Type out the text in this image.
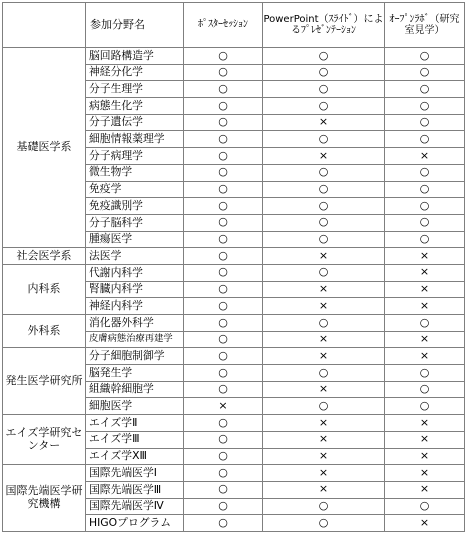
	参加分野名	ﾎﾟｽﾀｰｾｯｼｮﾝ	PowerPoint（ｽﾗｲﾄﾞ）によるﾌﾟﾚｾﾞﾝﾃｰｼｮﾝ	ｵｰﾌﾟﾝﾗﾎﾞ（研究室見学）
基礎医学系	脳回路構造学	○	○	○
	神経分化学	○	○	○
	分子生理学	○	○	○
	病態生化学	○	○	○
	分子遺伝学	○	×	○
	細胞情報薬理学	○	○	○
	分子病理学	○	×	×
	微生物学	○	○	○
	免疫学	○	○	○
	免疫識別学	○	○	○
	分子脳科学	○	○	○
	腫瘍医学	○	○	○
社会医学系	法医学	○	×	×
内科系	代謝内科学	○	○	×
	腎臓内科学	○	×	×
	神経内科学	○	×	×
外科系	消化器外科学	○	○	○
	皮膚病態治療再建学	○	×	×
発生医学研究所	分子細胞制御学	○	×	×
	脳発生学	○	○	○
	組織幹細胞学	○	×	○
	細胞医学	×	○	○
エイズ学研究センター	エイズ学Ⅱ	○	×	×
	エイズ学Ⅲ	○	×	×
	エイズ学ⅩⅢ	○	×	×
国際先端医学研究機構	国際先端医学Ⅰ	○	×	×
	国際先端医学Ⅲ	○	×	×
	国際先端医学Ⅳ	○	○	○
	HIGOプログラム	○	○	×
